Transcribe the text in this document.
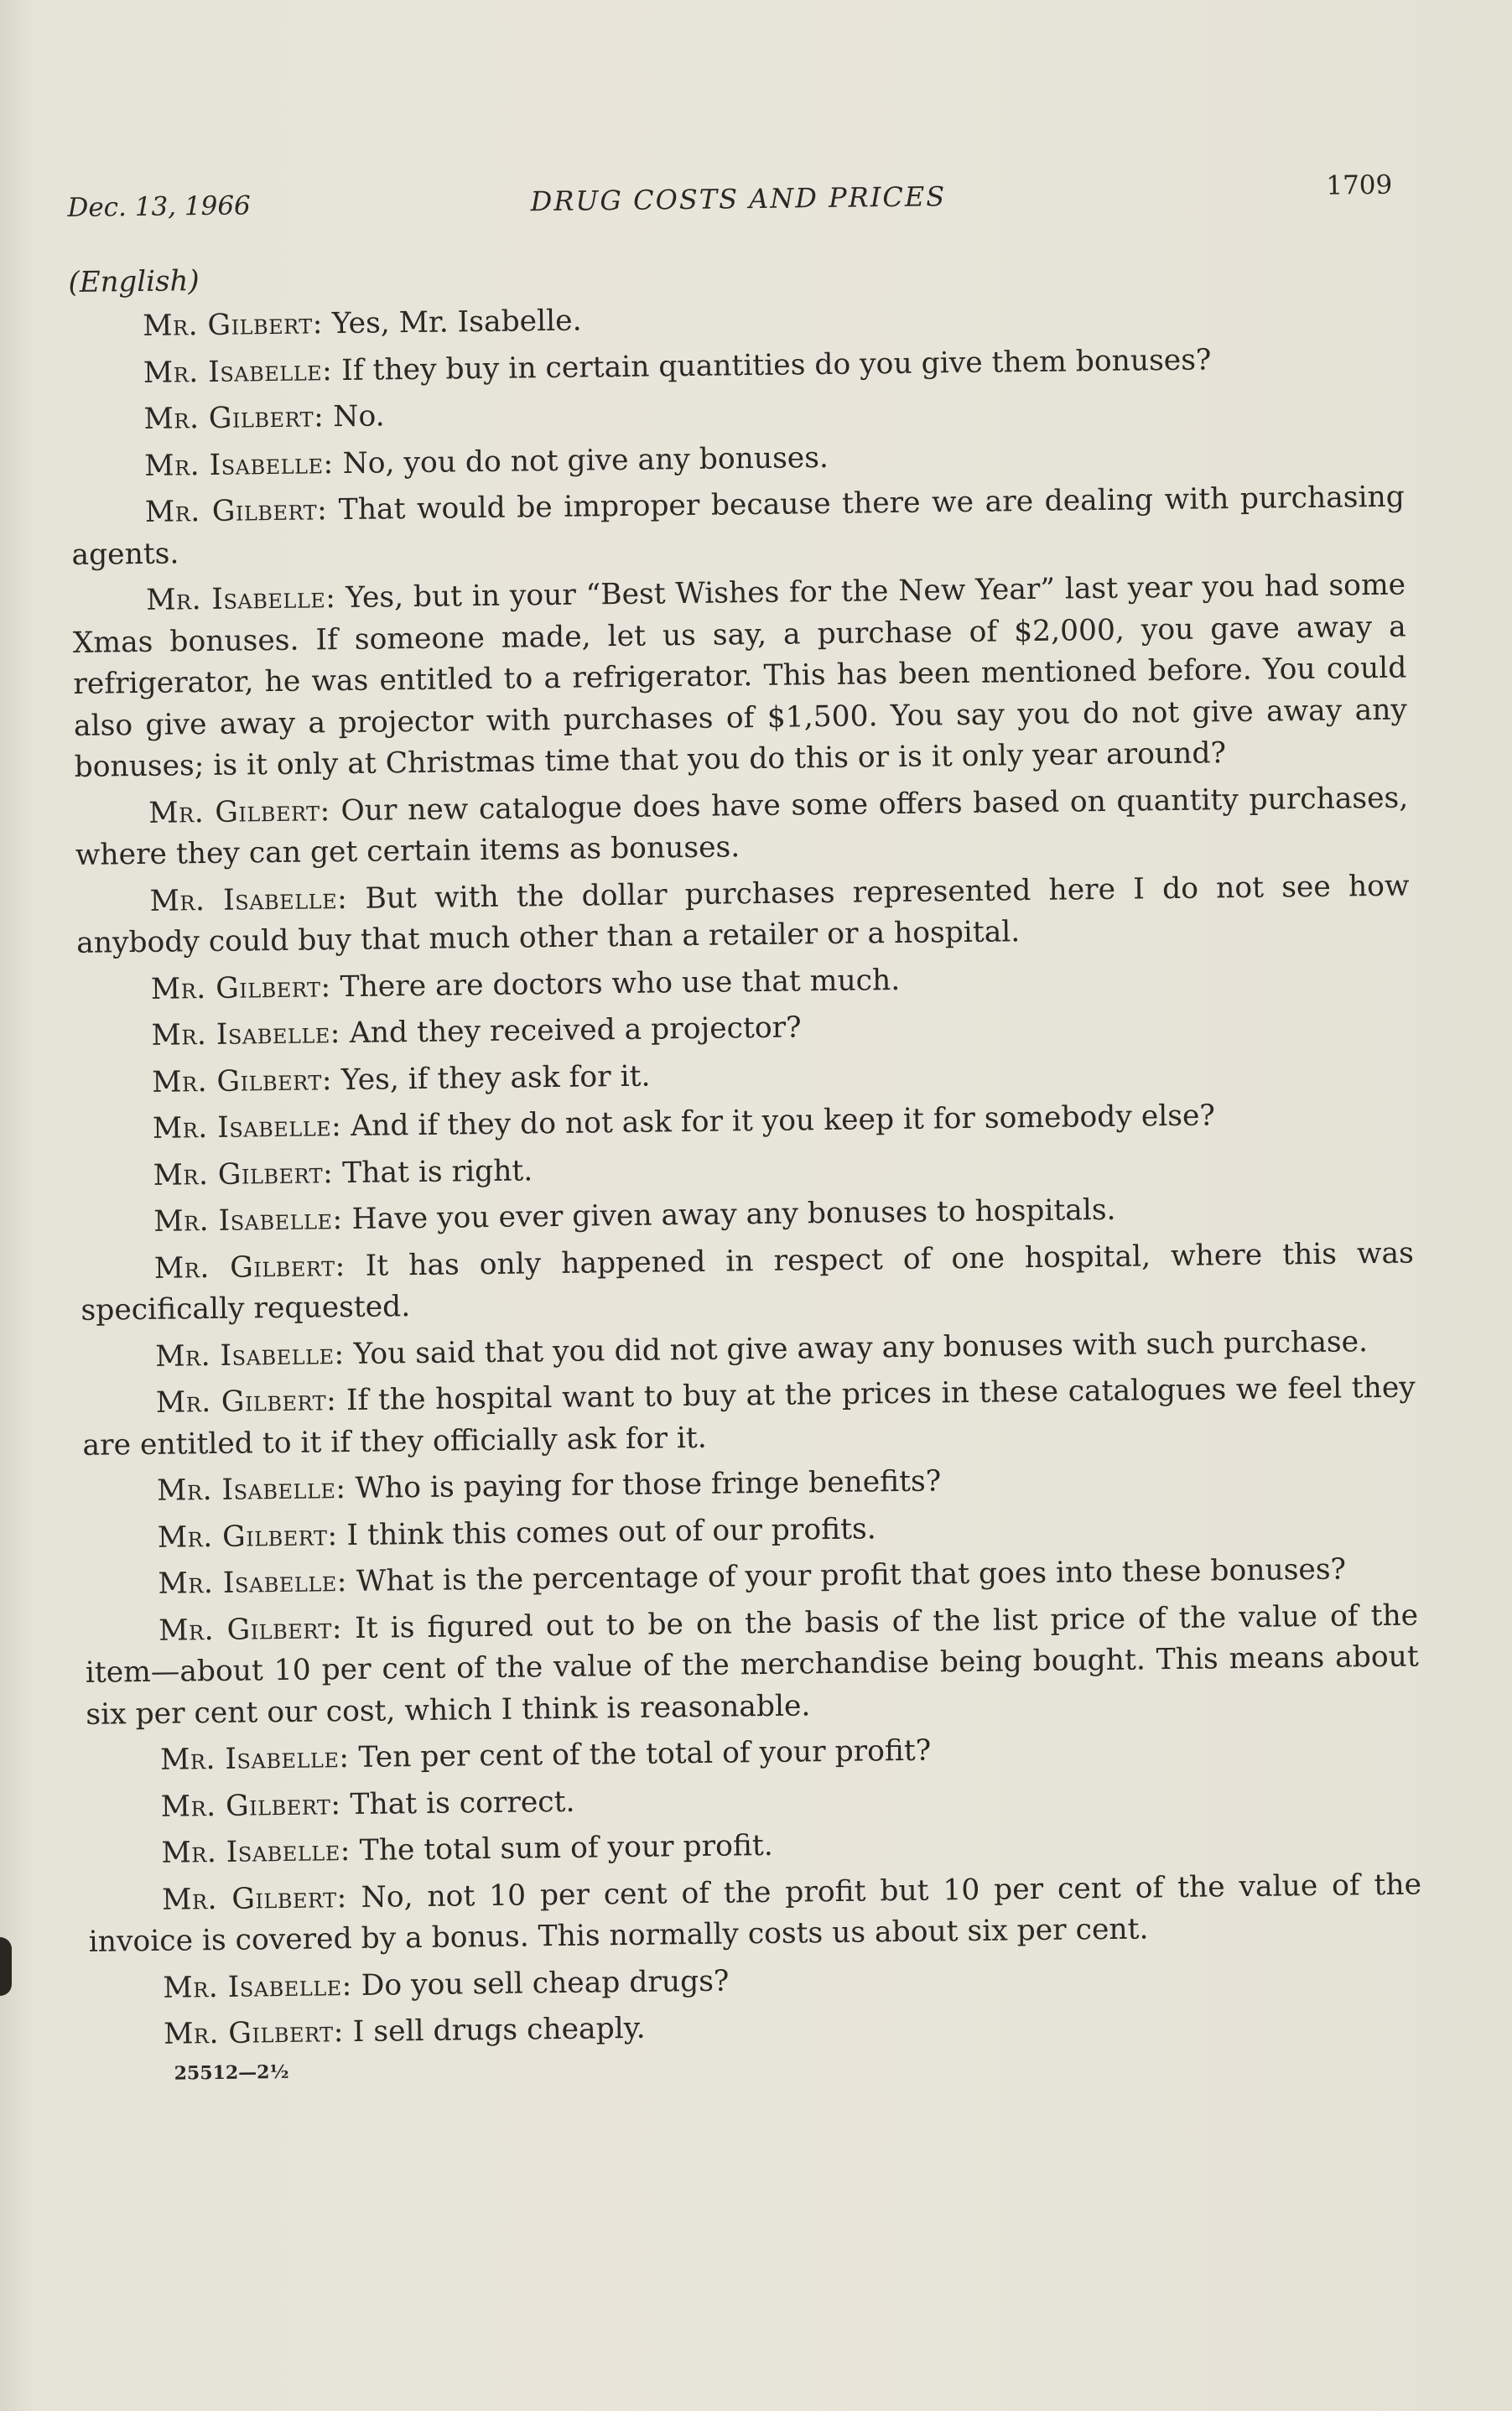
Dec. 13, 1966	DRUG COSTS AND PRICES	1709
(English)

Mr. Gilbert: Yes, Mr. Isabelle.

Mr. Isabelle: If they buy in certain quantities do you give them bonuses?

Mr. Gilbert: No.

Mr. Isabelle: No, you do not give any bonuses.

Mr. Gilbert: That would be improper because there we are dealing with purchasing agents.

Mr. Isabelle: Yes, but in your “Best Wishes for the New Year” last year you had some Xmas bonuses. If someone made, let us say, a purchase of $2,000, you gave away a refrigerator, he was entitled to a refrigerator. This has been mentioned before. You could also give away a projector with purchases of $1,500. You say you do not give away any bonuses; is it only at Christmas time that you do this or is it only year around?

Mr. Gilbert: Our new catalogue does have some offers based on quantity purchases, where they can get certain items as bonuses.

Mr. Isabelle: But with the dollar purchases represented here I do not see how anybody could buy that much other than a retailer or a hospital.

Mr. Gilbert: There are doctors who use that much.

Mr. Isabelle: And they received a projector?

Mr. Gilbert: Yes, if they ask for it.

Mr. Isabelle: And if they do not ask for it you keep it for somebody else?

Mr. Gilbert: That is right.

Mr. Isabelle: Have you ever given away any bonuses to hospitals.

Mr. Gilbert: It has only happened in respect of one hospital, where this was specifically requested.

Mr. Isabelle: You said that you did not give away any bonuses with such purchase.

Mr. Gilbert: If the hospital want to buy at the prices in these catalogues we feel they are entitled to it if they officially ask for it.

Mr. Isabelle: Who is paying for those fringe benefits?

Mr. Gilbert: I think this comes out of our profits.

Mr. Isabelle: What is the percentage of your profit that goes into these bonuses?

Mr. Gilbert: It is figured out to be on the basis of the list price of the value of the item—about 10 per cent of the value of the merchandise being bought. This means about six per cent our cost, which I think is reasonable.

Mr. Isabelle: Ten per cent of the total of your profit?

Mr. Gilbert: That is correct.

Mr. Isabelle: The total sum of your profit.

Mr. Gilbert: No, not 10 per cent of the profit but 10 per cent of the value of the invoice is covered by a bonus. This normally costs us about six per cent.

Mr. Isabelle: Do you sell cheap drugs?

Mr. Gilbert: I sell drugs cheaply.

25512—2½
